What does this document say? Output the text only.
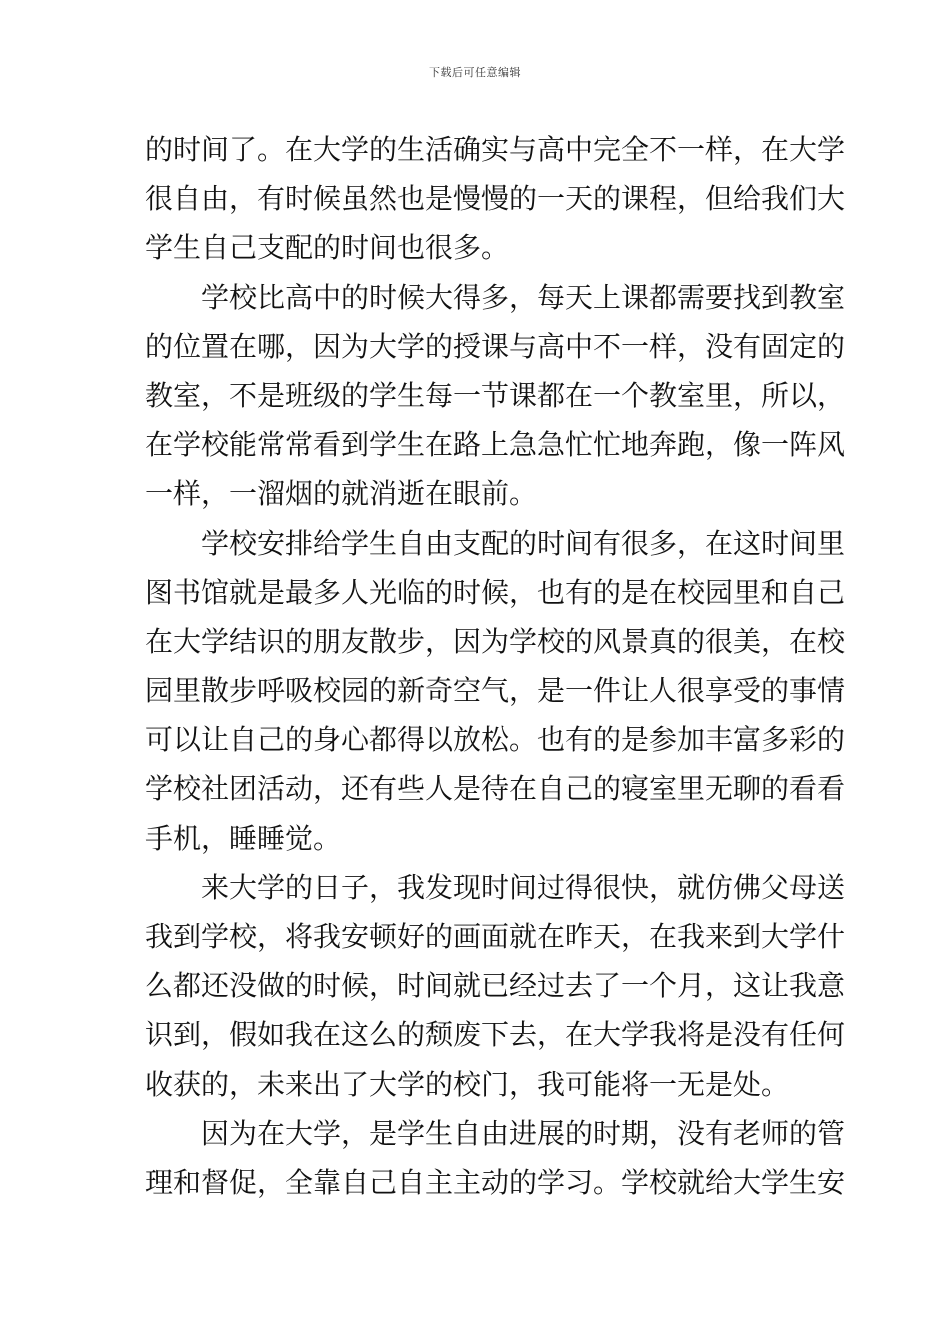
下载后可任意编辑
的时间了。在大学的生活确实与高中完全不一样，在大学
很自由，有时候虽然也是慢慢的一天的课程，但给我们大
学生自己支配的时间也很多。
学校比高中的时候大得多，每天上课都需要找到教室
的位置在哪，因为大学的授课与高中不一样，没有固定的
教室，不是班级的学生每一节课都在一个教室里，所以，
在学校能常常看到学生在路上急急忙忙地奔跑，像一阵风
一样，一溜烟的就消逝在眼前。
学校安排给学生自由支配的时间有很多，在这时间里
图书馆就是最多人光临的时候，也有的是在校园里和自己
在大学结识的朋友散步，因为学校的风景真的很美，在校
园里散步呼吸校园的新奇空气，是一件让人很享受的事情
可以让自己的身心都得以放松。也有的是参加丰富多彩的
学校社团活动，还有些人是待在自己的寝室里无聊的看看
手机，睡睡觉。
来大学的日子，我发现时间过得很快，就仿佛父母送
我到学校，将我安顿好的画面就在昨天，在我来到大学什
么都还没做的时候，时间就已经过去了一个月，这让我意
识到，假如我在这么的颓废下去，在大学我将是没有任何
收获的，未来出了大学的校门，我可能将一无是处。
因为在大学，是学生自由进展的时期，没有老师的管
理和督促，全靠自己自主主动的学习。学校就给大学生安
